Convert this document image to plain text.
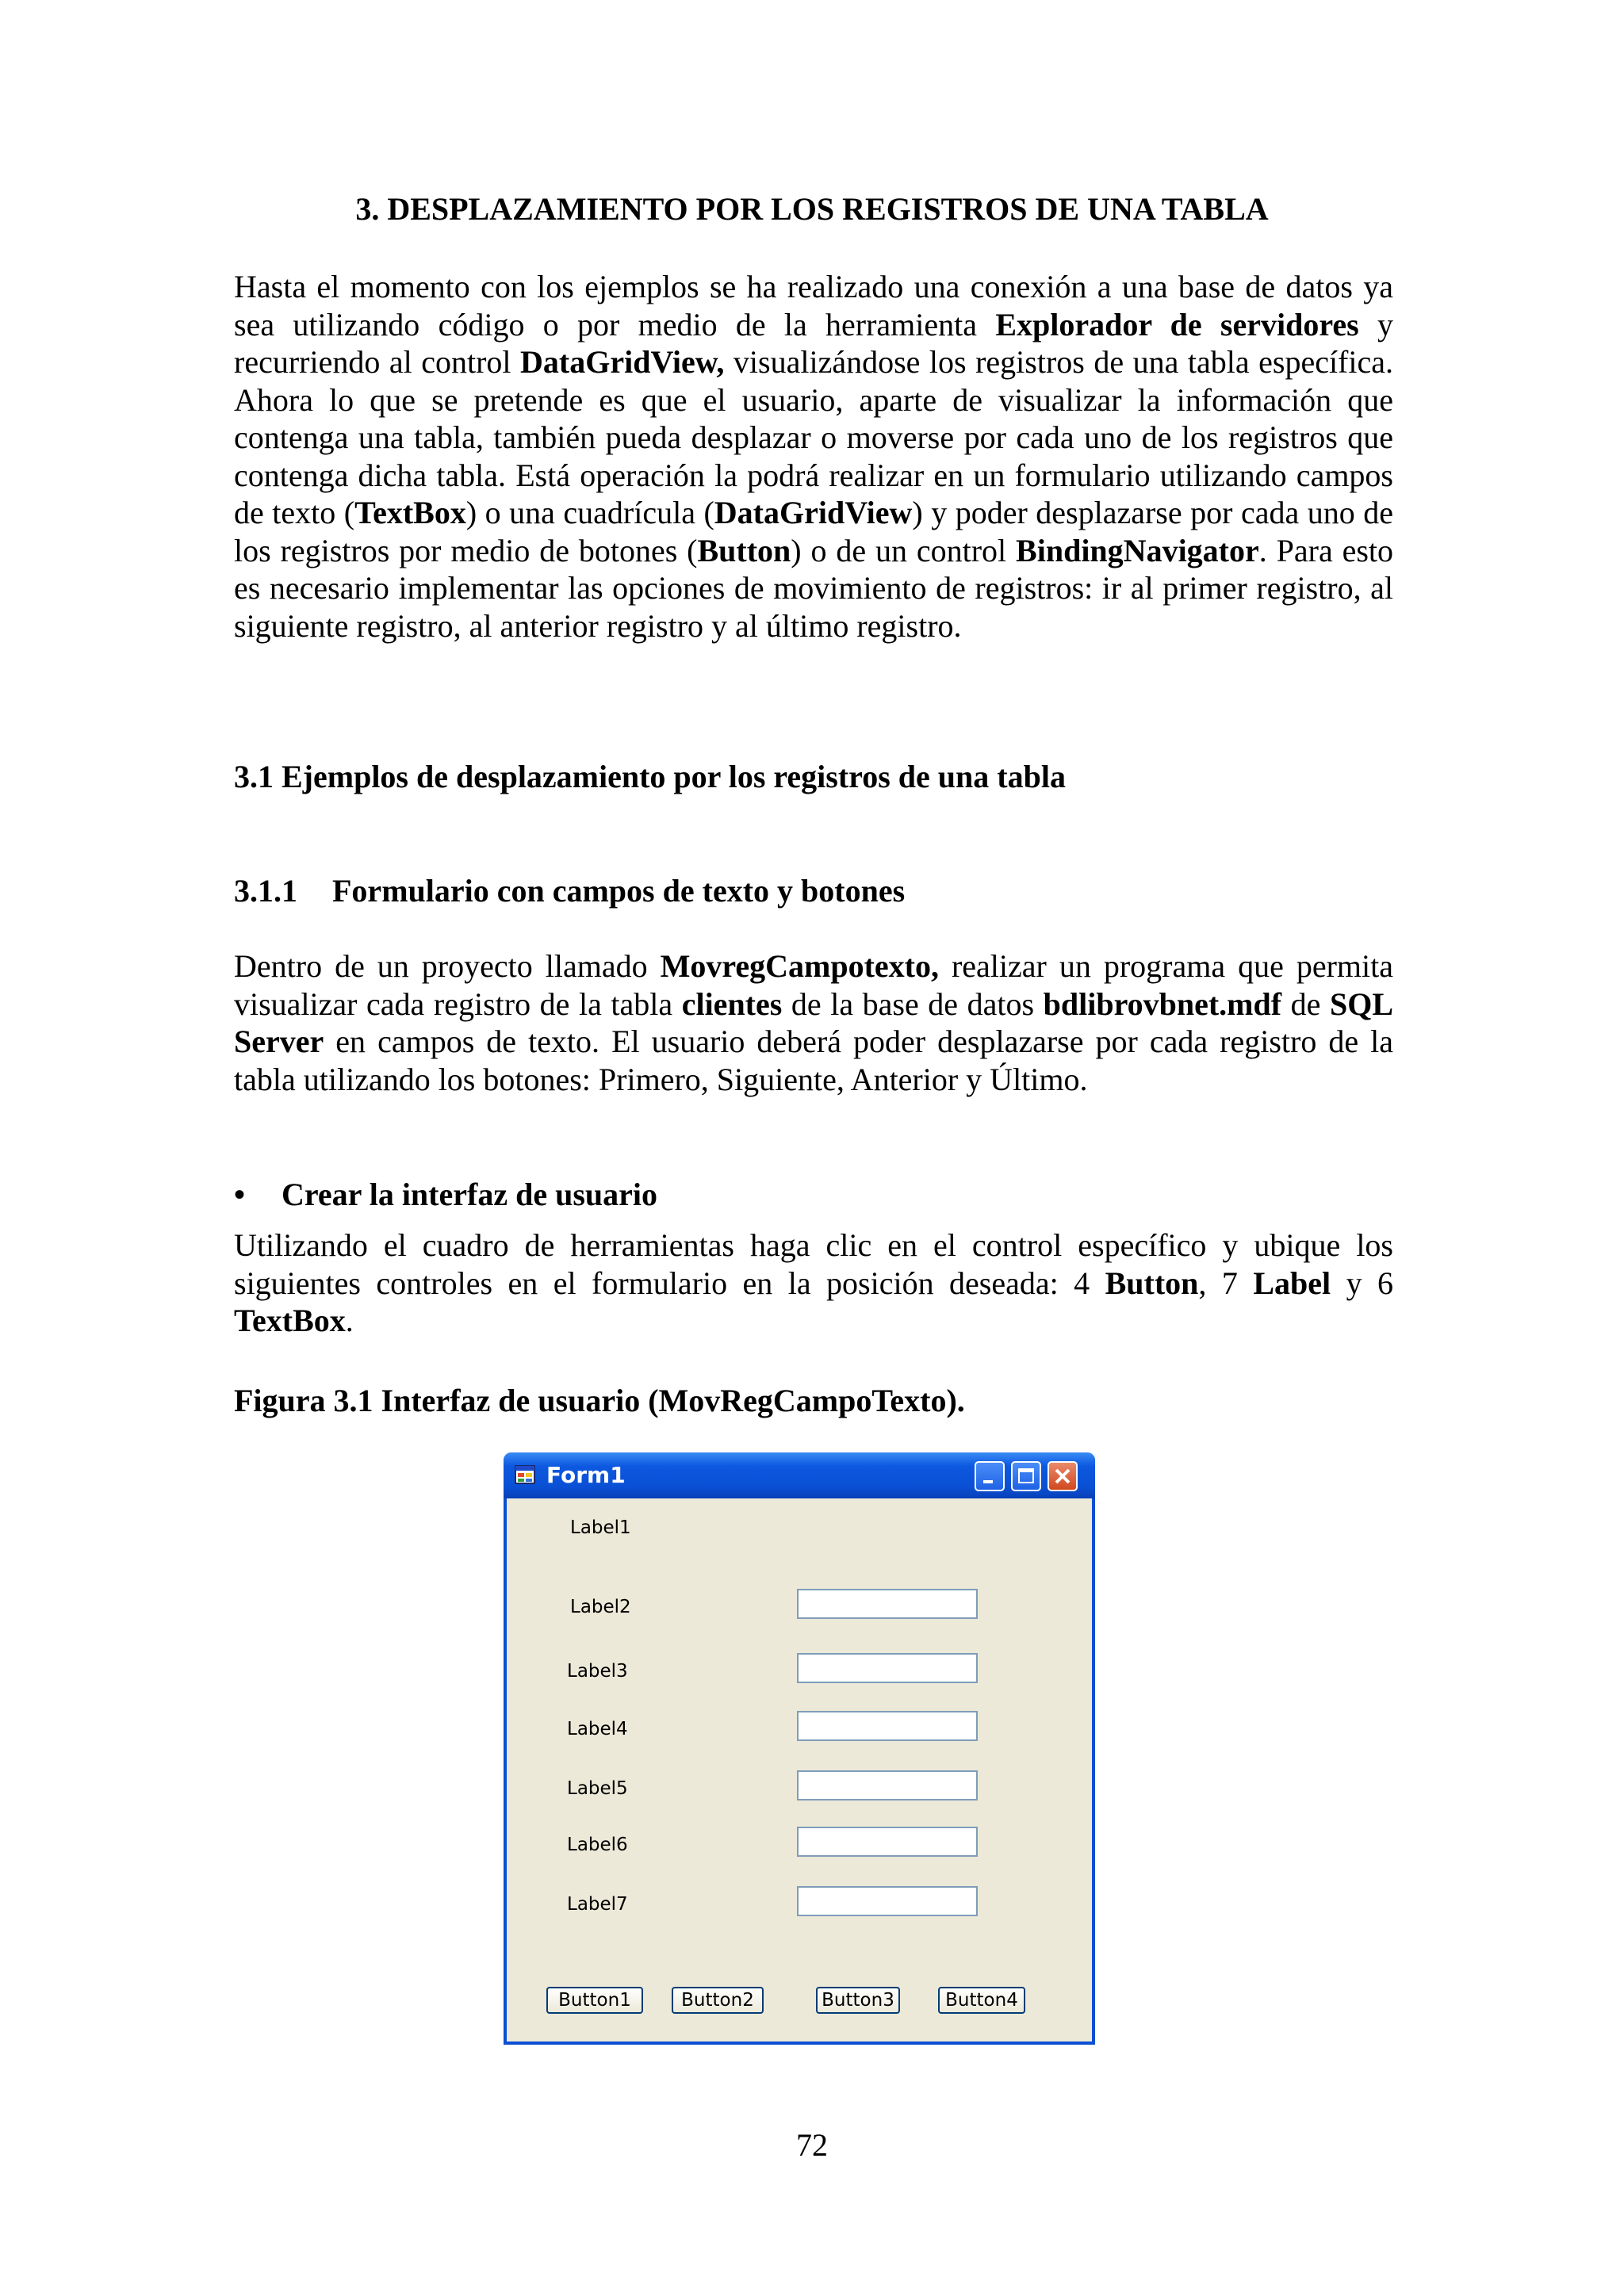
3. DESPLAZAMIENTO POR LOS REGISTROS DE UNA TABLA

Hasta el momento con los ejemplos se ha realizado una conexión a una base de datos ya sea utilizando código o por medio de la herramienta Explorador de servidores y recurriendo al control DataGridView, visualizándose los registros de una tabla específica. Ahora lo que se pretende es que el usuario, aparte de visualizar la información que contenga una tabla, también pueda desplazar o moverse por cada uno de los registros que contenga dicha tabla. Está operación la podrá realizar en un formulario utilizando campos de texto (TextBox) o una cuadrícula (DataGridView) y poder desplazarse por cada uno de los registros por medio de botones (Button) o de un control BindingNavigator. Para esto es necesario implementar las opciones de movimiento de registros: ir al primer registro, al siguiente registro, al anterior registro y al último registro.

3.1 Ejemplos de desplazamiento por los registros de una tabla
3.1.1 Formulario con campos de texto y botones

Dentro de un proyecto llamado MovregCampotexto, realizar un programa que permita visualizar cada registro de la tabla clientes de la base de datos bdlibrovbnet.mdf de SQL Server en campos de texto. El usuario deberá poder desplazarse por cada registro de la tabla utilizando los botones: Primero, Siguiente, Anterior y Último.

• Crear la interfaz de usuario

Utilizando el cuadro de herramientas haga clic en el control específico y ubique los siguientes controles en el formulario en la posición deseada: 4 Button, 7 Label y 6 TextBox.

Figura 3.1 Interfaz de usuario (MovRegCampoTexto).
Form1
Label1
Label2
Label3
Label4
Label5
Label6
Label7
Button1	Button2	Button3	Button4
72
